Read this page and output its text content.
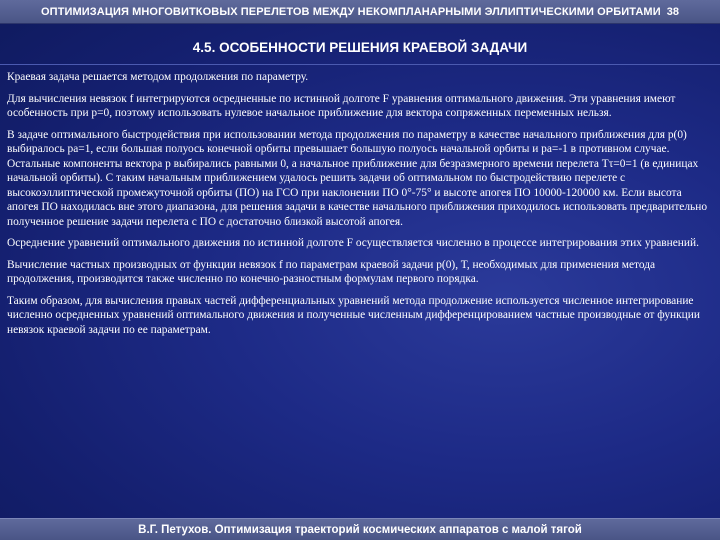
ОПТИМИЗАЦИЯ МНОГОВИТКОВЫХ ПЕРЕЛЕТОВ МЕЖДУ НЕКОМПЛАНАРНЫМИ ЭЛЛИПТИЧЕСКИМИ ОРБИТАМИ 38
4.5. ОСОБЕННОСТИ РЕШЕНИЯ КРАЕВОЙ ЗАДАЧИ

Краевая задача решается методом продолжения по параметру.

Для вычисления невязок f интегрируются осредненные по истинной долготе F уравнения оптимального движения. Эти уравнения имеют особенность при p=0, поэтому использовать нулевое начальное приближение для вектора сопряженных переменных нельзя.

В задаче оптимального быстродействия при использовании метода продолжения по параметру в качестве начального приближения для p(0) выбиралось pa=1, если большая полуось конечной орбиты превышает большую полуось начальной орбиты и pa=-1 в противном случае. Остальные компоненты вектора p выбирались равными 0, а начальное приближение для безразмерного времени перелета Tτ=0=1 (в единицах начальной орбиты). С таким начальным приближением удалось решить задачи об оптимальном по быстродействию перелете с высокоэллиптической промежуточной орбиты (ПО) на ГСО при наклонении ПО 0°-75° и высоте апогея ПО 10000-120000 км. Если высота апогея ПО находилась вне этого диапазона, для решения задачи в качестве начального приближения приходилось использовать предварительно полученное решение задачи перелета с ПО с достаточно близкой высотой апогея.

Осреднение уравнений оптимального движения по истинной долготе F осуществляется численно в процессе интегрирования этих уравнений.

Вычисление частных производных от функции невязок f по параметрам краевой задачи p(0), T, необходимых для применения метода продолжения, производится также численно по конечно-разностным формулам первого порядка.

Таким образом, для вычисления правых частей дифференциальных уравнений метода продолжение используется численное интегрирование численно осредненных уравнений оптимального движения и полученные численным дифференцированием частные производные от функции невязок краевой задачи по ее параметрам.

В.Г. Петухов. Оптимизация траекторий космических аппаратов с малой тягой
